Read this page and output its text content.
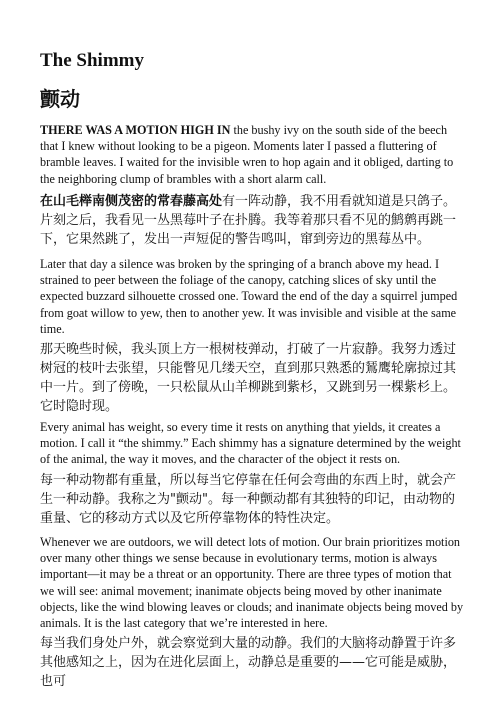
The Shimmy
颤动

THERE WAS A MOTION HIGH IN the bushy ivy on the south side of the beech that I knew without looking to be a pigeon. Moments later I passed a fluttering of bramble leaves. I waited for the invisible wren to hop again and it obliged, darting to the neighboring clump of brambles with a short alarm call.

在山毛榉南侧茂密的常春藤高处有一阵动静，我不用看就知道是只鸽子。片刻之后，我看见一丛黑莓叶子在扑腾。我等着那只看不见的鹪鹩再跳一下，它果然跳了，发出一声短促的警告鸣叫，窜到旁边的黑莓丛中。

Later that day a silence was broken by the springing of a branch above my head. I strained to peer between the foliage of the canopy, catching slices of sky until the expected buzzard silhouette crossed one. Toward the end of the day a squirrel jumped from goat willow to yew, then to another yew. It was invisible and visible at the same time.

那天晚些时候，我头顶上方一根树枝弹动，打破了一片寂静。我努力透过树冠的枝叶去张望，只能瞥见几缕天空，直到那只熟悉的鵟鹰轮廓掠过其中一片。到了傍晚，一只松鼠从山羊柳跳到紫杉，又跳到另一棵紫杉上。它时隐时现。

Every animal has weight, so every time it rests on anything that yields, it creates a motion. I call it “the shimmy.” Each shimmy has a signature determined by the weight of the animal, the way it moves, and the character of the object it rests on.

每一种动物都有重量，所以每当它停靠在任何会弯曲的东西上时，就会产生一种动静。我称之为"颤动"。每一种颤动都有其独特的印记，由动物的重量、它的移动方式以及它所停靠物体的特性决定。

Whenever we are outdoors, we will detect lots of motion. Our brain prioritizes motion over many other things we sense because in evolutionary terms, motion is always important—it may be a threat or an opportunity. There are three types of motion that we will see: animal movement; inanimate objects being moved by other inanimate objects, like the wind blowing leaves or clouds; and inanimate objects being moved by animals. It is the last category that we’re interested in here.

每当我们身处户外，就会察觉到大量的动静。我们的大脑将动静置于许多其他感知之上，因为在进化层面上，动静总是重要的——它可能是威胁，也可
